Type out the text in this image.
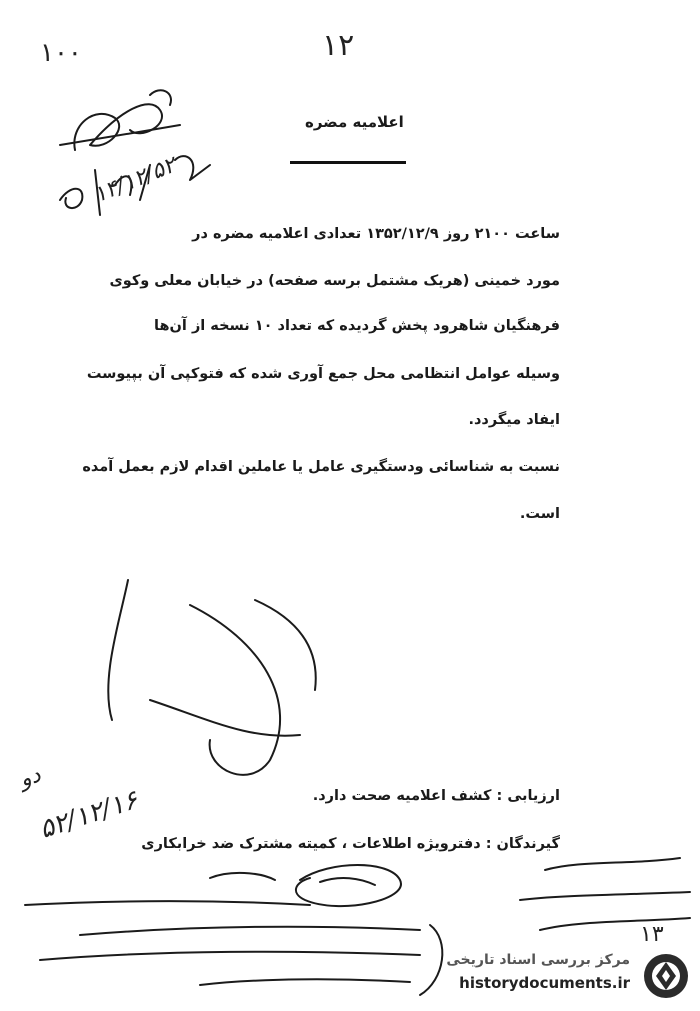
۱۰۰	۱۲
اعلامیه مضره
۱۴/۱۲/۵۲
ساعت ۲۱۰۰ روز ۱۳۵۲/۱۲/۹ تعدادی اعلامیه مضره در
مورد خمینی (هریک مشتمل برسه صفحه) در خیابان معلی وکوی
فرهنگیان شاهرود پخش گردیده که تعداد ۱۰ نسخه از آن‌ها
وسیله عوامل انتظامی محل جمع آوری شده که فتوکپی آن بپیوست
ایفاد میگردد.
نسبت به شناسائی ودستگیری عامل یا عاملین اقدام لازم بعمل آمده
است.
ارزیابی : کشف اعلامیه صحت دارد.
گیرندگان : دفترویژه اطلاعات ، کمیته مشترک ضد خرابکاری
۵۲/۱۲/۱۶
دو
۱۳
مرکز بررسی اسناد تاریخی
historydocuments.ir
